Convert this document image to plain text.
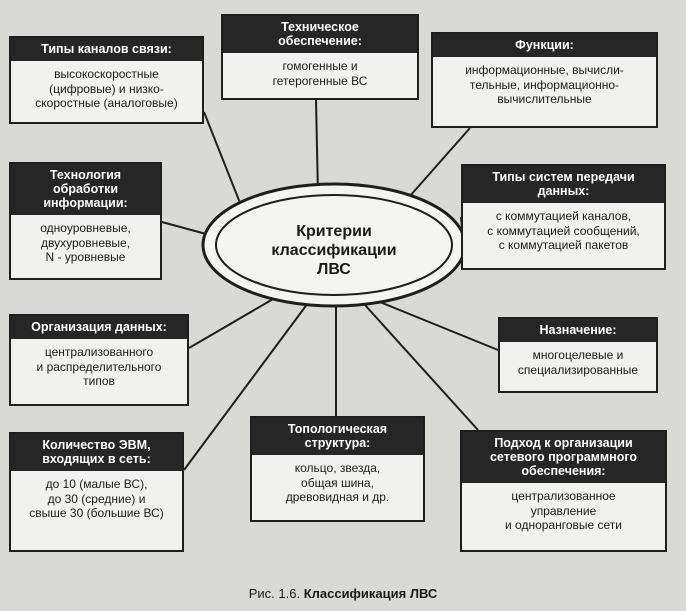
Критерии
классификации
ЛВС
Типы каналов связи:
высокоскоростные
(цифровые) и низко-
скоростные (аналоговые)
Техническое
обеспечение:
гомогенные и
гетерогенные ВС
Функции:
информационные, вычисли-
тельные, информационно-
вычислительные
Технология
обработки
информации:
одноуровневые,
двухуровневые,
N - уровневые
Типы систем передачи
данных:
с коммутацией каналов,
с коммутацией сообщений,
с коммутацией пакетов
Организация данных:
централизованного
и распределительного
типов
Назначение:
многоцелевые и
специализированные
Количество ЭВМ,
входящих в сеть:
до 10 (малые ВС),
до 30 (средние) и
свыше 30 (большие ВС)
Топологическая
структура:
кольцо, звезда,
общая шина,
древовидная и др.
Подход к организации
сетевого программного
обеспечения:
централизованное
управление
и одноранговые сети
Рис. 1.6. Классификация ЛВС
